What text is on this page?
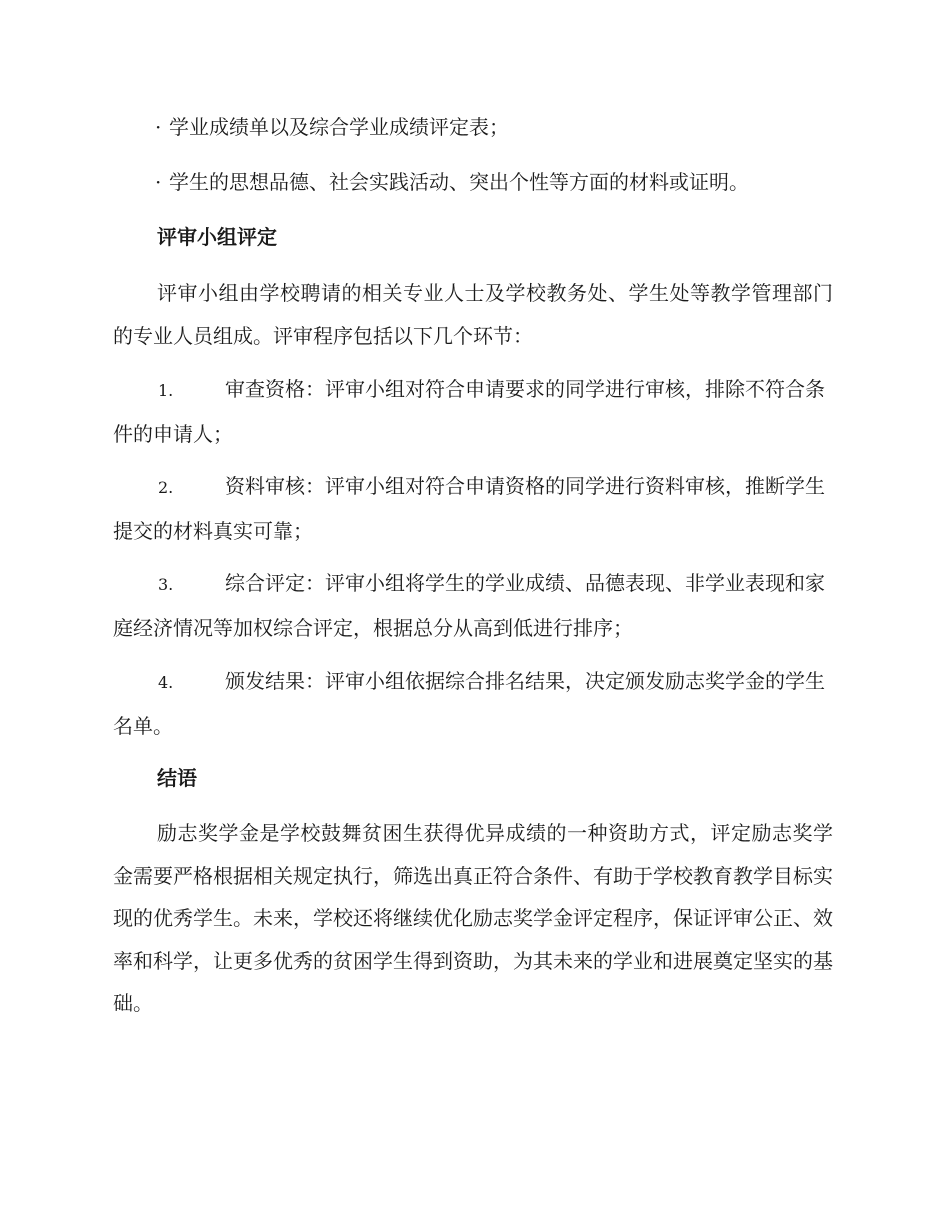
· 学业成绩单以及综合学业成绩评定表；
· 学生的思想品德、社会实践活动、突出个性等方面的材料或证明。
评审小组评定
评审小组由学校聘请的相关专业人士及学校教务处、学生处等教学管理部门的专业人员组成。评审程序包括以下几个环节：
1.	审查资格：评审小组对符合申请要求的同学进行审核，排除不符合条件的申请人；
2.	资料审核：评审小组对符合申请资格的同学进行资料审核，推断学生提交的材料真实可靠；
3.	综合评定：评审小组将学生的学业成绩、品德表现、非学业表现和家庭经济情况等加权综合评定，根据总分从高到低进行排序；
4.	颁发结果：评审小组依据综合排名结果，决定颁发励志奖学金的学生名单。
结语
励志奖学金是学校鼓舞贫困生获得优异成绩的一种资助方式，评定励志奖学金需要严格根据相关规定执行，筛选出真正符合条件、有助于学校教育教学目标实现的优秀学生。未来，学校还将继续优化励志奖学金评定程序，保证评审公正、效率和科学，让更多优秀的贫困学生得到资助，为其未来的学业和进展奠定坚实的基础。
